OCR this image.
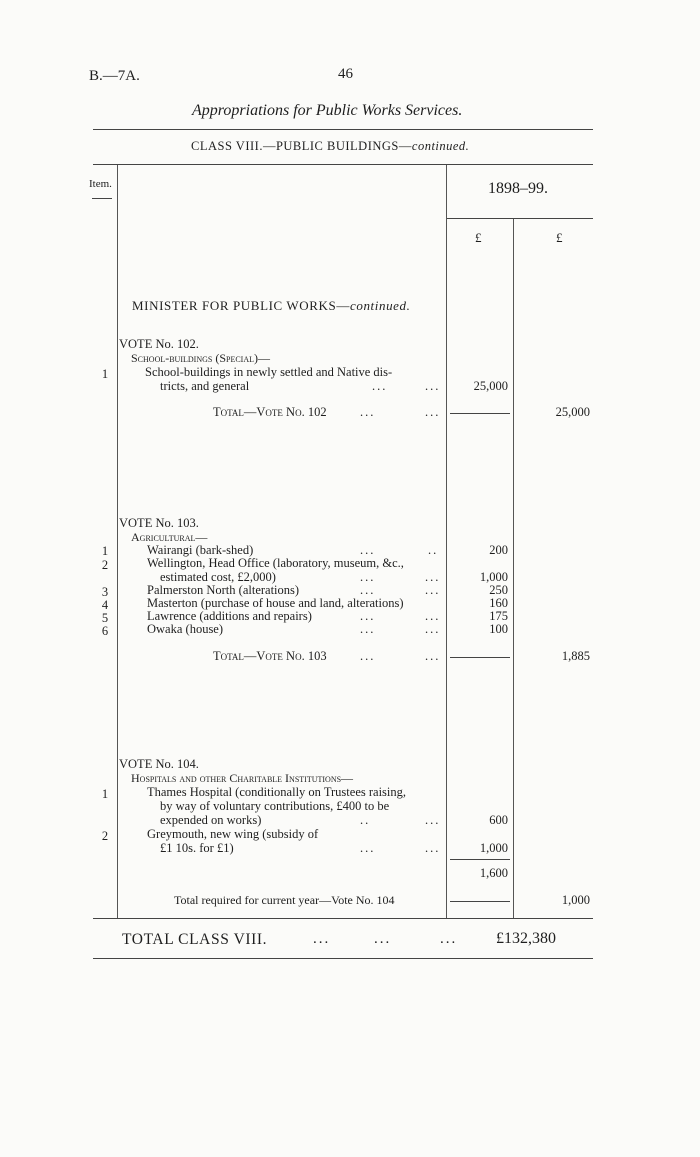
B.—7A.	46
Appropriations for Public Works Services.
CLASS VIII.—PUBLIC BUILDINGS—continued.
Item.	1898–99.
£	£
MINISTER FOR PUBLIC WORKS—continued.
VOTE No. 102.
School-buildings (Special)—
1	School-buildings in newly settled and Native dis-
tricts, and general	...	...	25,000
Total—Vote No. 102	...	...	25,000
VOTE No. 103.
Agricultural—
1	Wairangi (bark-shed)	...	..	200
2	Wellington, Head Office (laboratory, museum, &c.,
estimated cost, £2,000)	...	...	1,000
3	Palmerston North (alterations)	...	...	250
4	Masterton (purchase of house and land, alterations)	160
5	Lawrence (additions and repairs)	...	...	175
6	Owaka (house)	...	...	100
Total—Vote No. 103	...	...	1,885
VOTE No. 104.
Hospitals and other Charitable Institutions—
1	Thames Hospital (conditionally on Trustees raising,
by way of voluntary contributions, £400 to be
expended on works)	..	...	600
2	Greymouth, new wing (subsidy of
£1 10s. for £1)	...	...	1,000
1,600
Total required for current year—Vote No. 104	1,000
TOTAL CLASS VIII.	...	...	... £132,380
